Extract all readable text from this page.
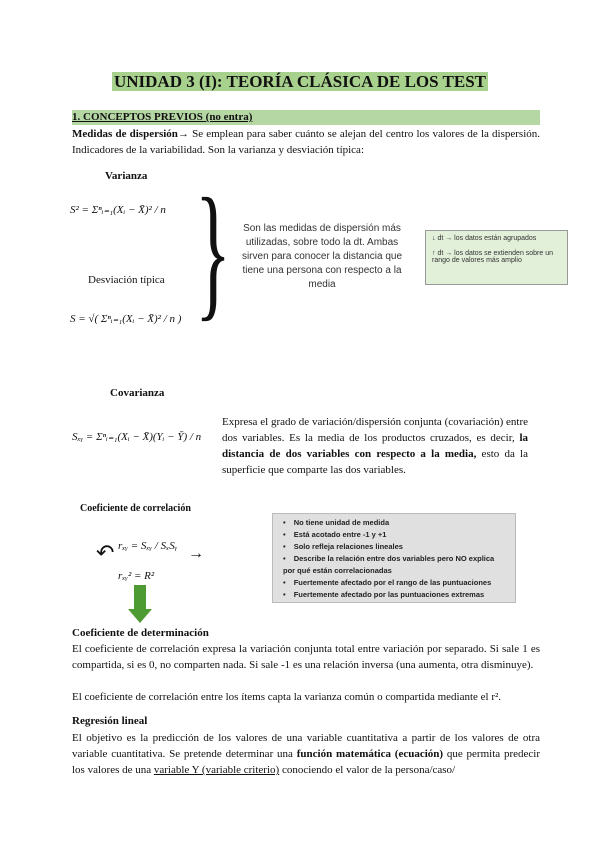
UNIDAD 3 (I): TEORÍA CLÁSICA DE LOS TEST
1. CONCEPTOS PREVIOS (no entra)
Medidas de dispersión→ Se emplean para saber cuánto se alejan del centro los valores de la dispersión. Indicadores de la variabilidad. Son la varianza y desviación típica:
Varianza
S² = Σⁿᵢ₌₁(Xᵢ − X̄)² / n
Desviación típica
S = √( Σⁿᵢ₌₁(Xᵢ − X̄)² / n ) }	Son las medidas de dispersión más utilizadas, sobre todo la dt. Ambas sirven para conocer la distancia que tiene una persona con respecto a la media
↓ dt → los datos están agrupados
↑ dt → los datos se extienden sobre un rango de valores más amplio
Covarianza
Sₓᵧ = Σⁿᵢ₌₁(Xᵢ − X̄)(Yᵢ − Ȳ) / n
Expresa el grado de variación/dispersión conjunta (covariación) entre dos variables. Es la media de los productos cruzados, es decir, la distancia de dos variables con respecto a la media, esto da la superficie que comparte las dos variables.
Coeficiente de correlación
rₓᵧ = Sₓᵧ / SₓSᵧ
rₓᵧ² = R²
↶	→
• No tiene unidad de medida
• Está acotado entre -1 y +1
• Solo refleja relaciones lineales
• Describe la relación entre dos variables pero NO explica por qué están correlacionadas
• Fuertemente afectado por el rango de las puntuaciones
• Fuertemente afectado por las puntuaciones extremas
Coeficiente de determinación
El coeficiente de correlación expresa la variación conjunta total entre variación por separado. Si sale 1 es compartida, si es 0, no comparten nada. Si sale -1 es una relación inversa (una aumenta, otra disminuye).
El coeficiente de correlación entre los ítems capta la varianza común o compartida mediante el r².
Regresión lineal
El objetivo es la predicción de los valores de una variable cuantitativa a partir de los valores de otra variable cuantitativa. Se pretende determinar una función matemática (ecuación) que permita predecir los valores de una variable Y (variable criterio) conociendo el valor de la persona/caso/
